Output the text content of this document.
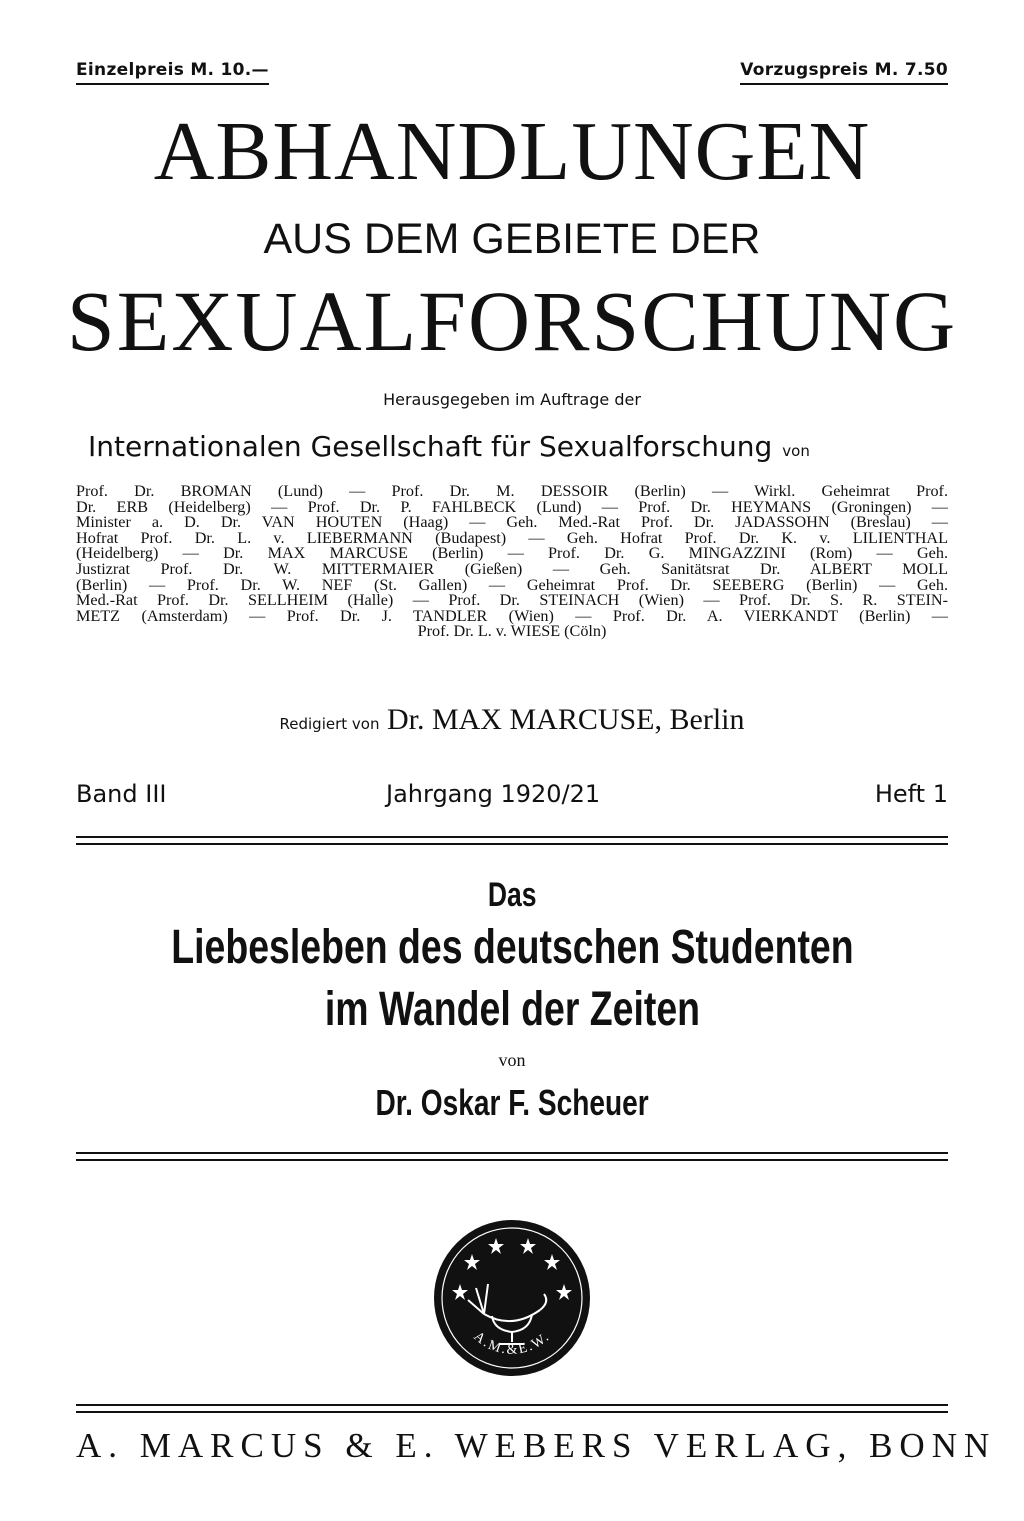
Einzelpreis M. 10.—	Vorzugspreis M. 7.50
ABHANDLUNGEN
AUS DEM GEBIETE DER
SEXUALFORSCHUNG
Herausgegeben im Auftrage der
Internationalen Gesellschaft für Sexualforschung von
Prof. Dr. BROMAN (Lund) — Prof. Dr. M. DESSOIR (Berlin) — Wirkl. Geheimrat Prof.
Dr. ERB (Heidelberg) — Prof. Dr. P. FAHLBECK (Lund) — Prof. Dr. HEYMANS (Groningen) —
Minister a. D. Dr. VAN HOUTEN (Haag) — Geh. Med.-Rat Prof. Dr. JADASSOHN (Breslau) —
Hofrat Prof. Dr. L. v. LIEBERMANN (Budapest) — Geh. Hofrat Prof. Dr. K. v. LILIENTHAL
(Heidelberg) — Dr. MAX MARCUSE (Berlin) — Prof. Dr. G. MINGAZZINI (Rom) — Geh.
Justizrat Prof. Dr. W. MITTERMAIER (Gießen) — Geh. Sanitätsrat Dr. ALBERT MOLL
(Berlin) — Prof. Dr. W. NEF (St. Gallen) — Geheimrat Prof. Dr. SEEBERG (Berlin) — Geh.
Med.-Rat Prof. Dr. SELLHEIM (Halle) — Prof. Dr. STEINACH (Wien) — Prof. Dr. S. R. STEIN-
METZ (Amsterdam) — Prof. Dr. J. TANDLER (Wien) — Prof. Dr. A. VIERKANDT (Berlin) —
Prof. Dr. L. v. WIESE (Cöln)
Redigiert von Dr. MAX MARCUSE, Berlin
Band III	Jahrgang 1920/21	Heft 1
Das
Liebesleben des deutschen Studenten
im Wandel der Zeiten
von
Dr. Oskar F. Scheuer
A.M.&E.W.
A. MARCUS & E. WEBERS VERLAG, BONN
